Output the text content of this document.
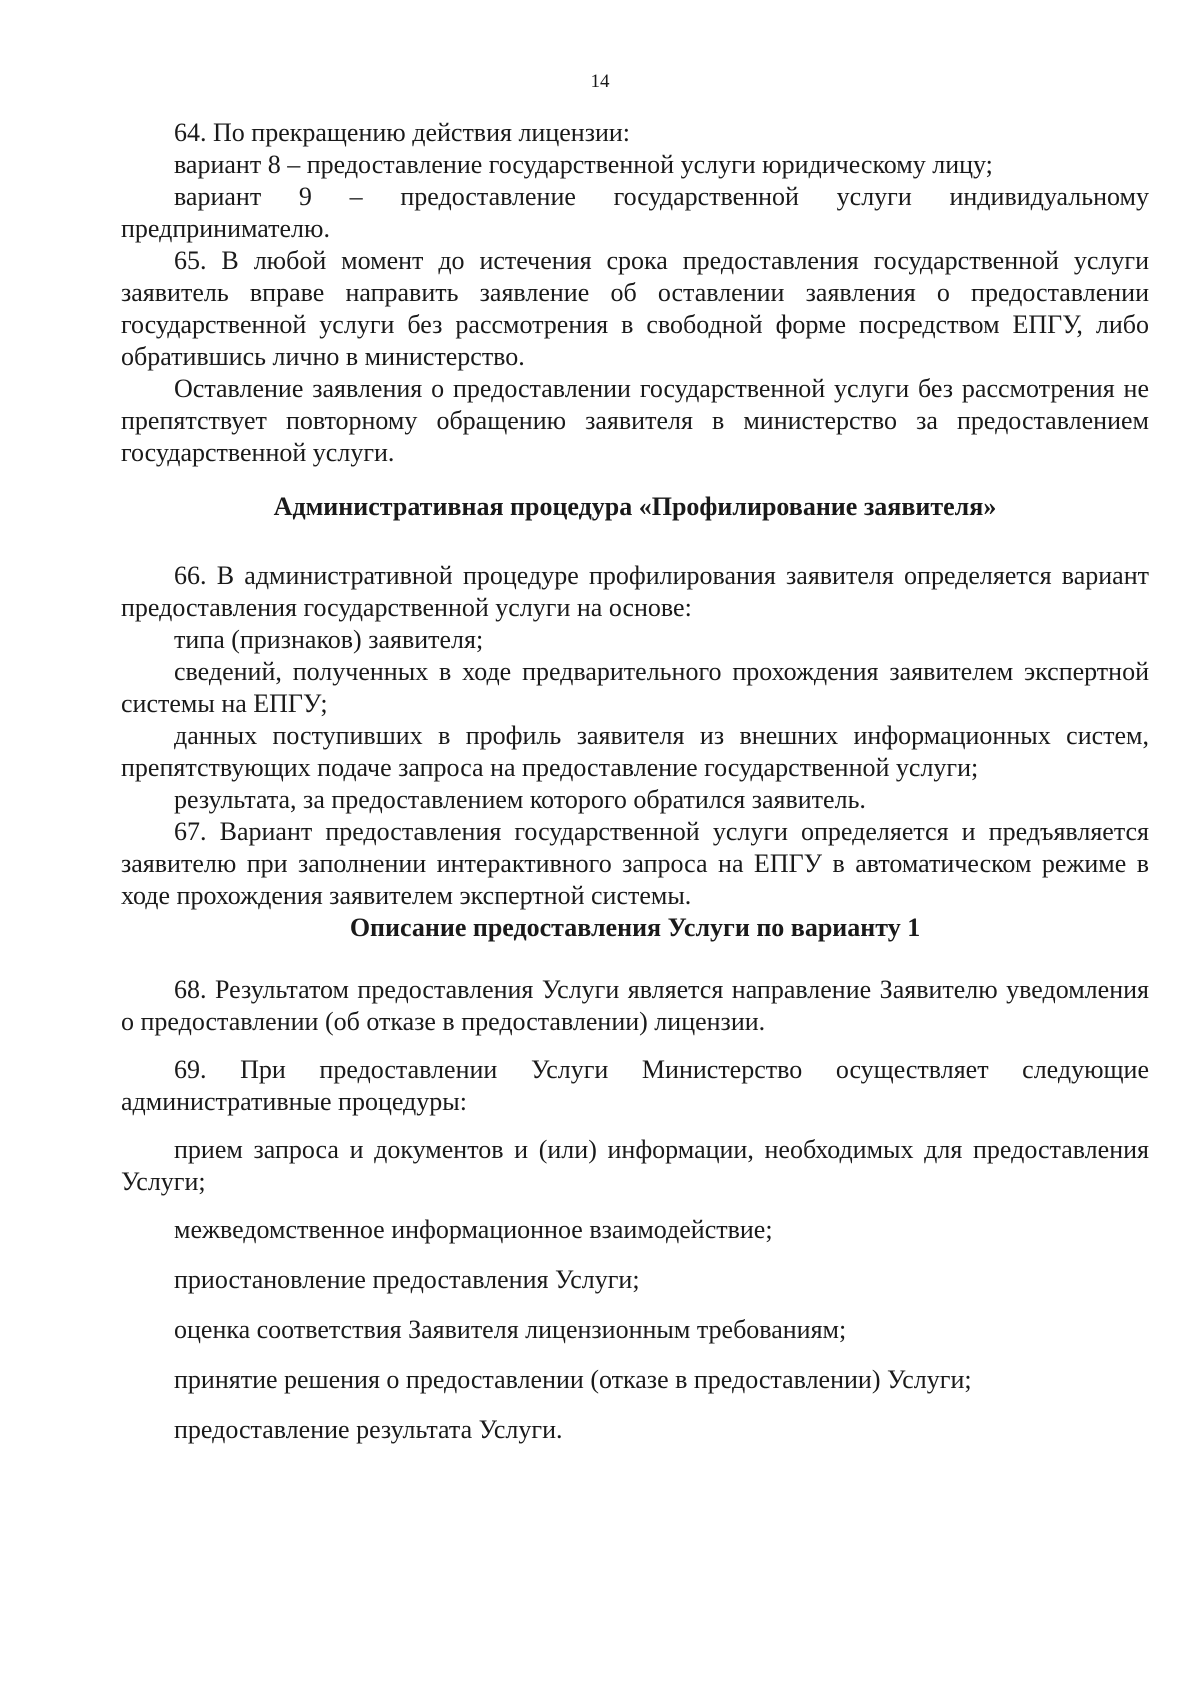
14

64. По прекращению действия лицензии:

вариант 8 – предоставление государственной услуги юридическому лицу;

вариант 9 – предоставление государственной услуги индивидуальному предпринимателю.

65. В любой момент до истечения срока предоставления государственной услуги заявитель вправе направить заявление об оставлении заявления о предоставлении государственной услуги без рассмотрения в свободной форме посредством ЕПГУ, либо обратившись лично в министерство.

Оставление заявления о предоставлении государственной услуги без рассмотрения не препятствует повторному обращению заявителя в министерство за предоставлением государственной услуги.

Административная процедура «Профилирование заявителя»

66. В административной процедуре профилирования заявителя определяется вариант предоставления государственной услуги на основе:

типа (признаков) заявителя;

сведений, полученных в ходе предварительного прохождения заявителем экспертной системы на ЕПГУ;

данных поступивших в профиль заявителя из внешних информационных систем, препятствующих подаче запроса на предоставление государственной услуги;

результата, за предоставлением которого обратился заявитель.

67. Вариант предоставления государственной услуги определяется и предъявляется заявителю при заполнении интерактивного запроса на ЕПГУ в автоматическом режиме в ходе прохождения заявителем экспертной системы.

Описание предоставления Услуги по варианту 1

68. Результатом предоставления Услуги является направление Заявителю уведомления о предоставлении (об отказе в предоставлении) лицензии.

69. При предоставлении Услуги Министерство осуществляет следующие административные процедуры:

прием запроса и документов и (или) информации, необходимых для предоставления Услуги;

межведомственное информационное взаимодействие;

приостановление предоставления Услуги;

оценка соответствия Заявителя лицензионным требованиям;

принятие решения о предоставлении (отказе в предоставлении) Услуги;

предоставление результата Услуги.
